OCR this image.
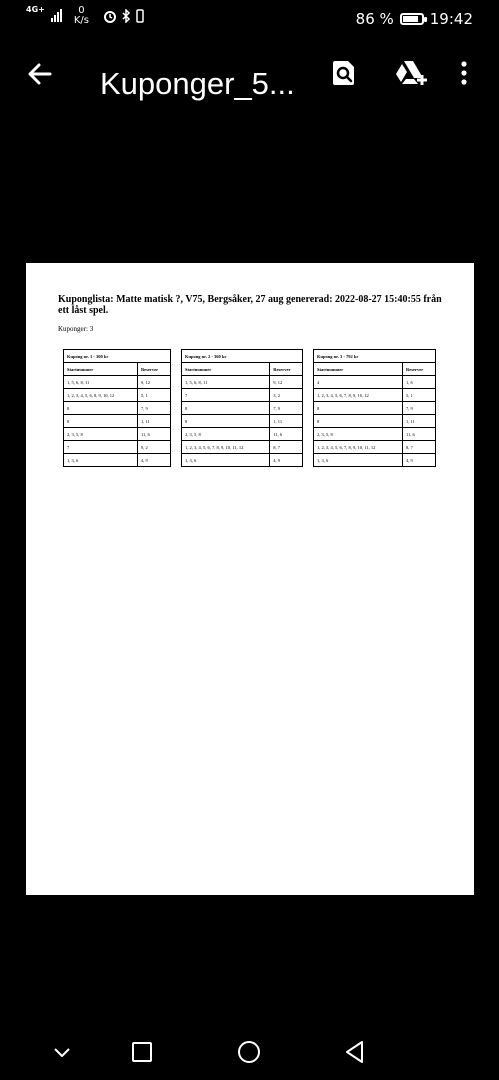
4G+	0
K/s	86 % 19:42
Kuponger_5...
Kuponglista: Matte matisk ?, V75, Bergsåker, 27 aug genererad: 2022-08-27 15:40:55 från ett låst spel.
Kuponger: 3
Kupong nr. 1 - 300 kr	
Startnummer	Reserver
1, 5, 6, 8, 11	9, 12
1, 2, 3, 4, 5, 6, 8, 9, 10, 12	5, 1
8	7, 9
8	1, 11
2, 3, 5, 8	11, 6
7	9, 2
1, 3, 6	4, 9
Kupong nr. 2 - 360 kr	
Startnummer	Reserver
1, 5, 6, 8, 11	9, 12
7	3, 2
8	7, 9
8	1, 11
2, 3, 5, 8	11, 6
1, 2, 3, 4, 5, 6, 7, 8, 9, 10, 11, 12	8, 7
1, 3, 6	4, 9
Kupong nr. 3 - 792 kr	
Startnummer	Reserver
4	1, 6
1, 2, 3, 4, 5, 6, 7, 8, 9, 10, 12	5, 1
8	7, 9
8	1, 11
2, 3, 5, 8	11, 6
1, 2, 3, 4, 5, 6, 7, 8, 9, 10, 11, 12	8, 7
1, 3, 6	4, 9
